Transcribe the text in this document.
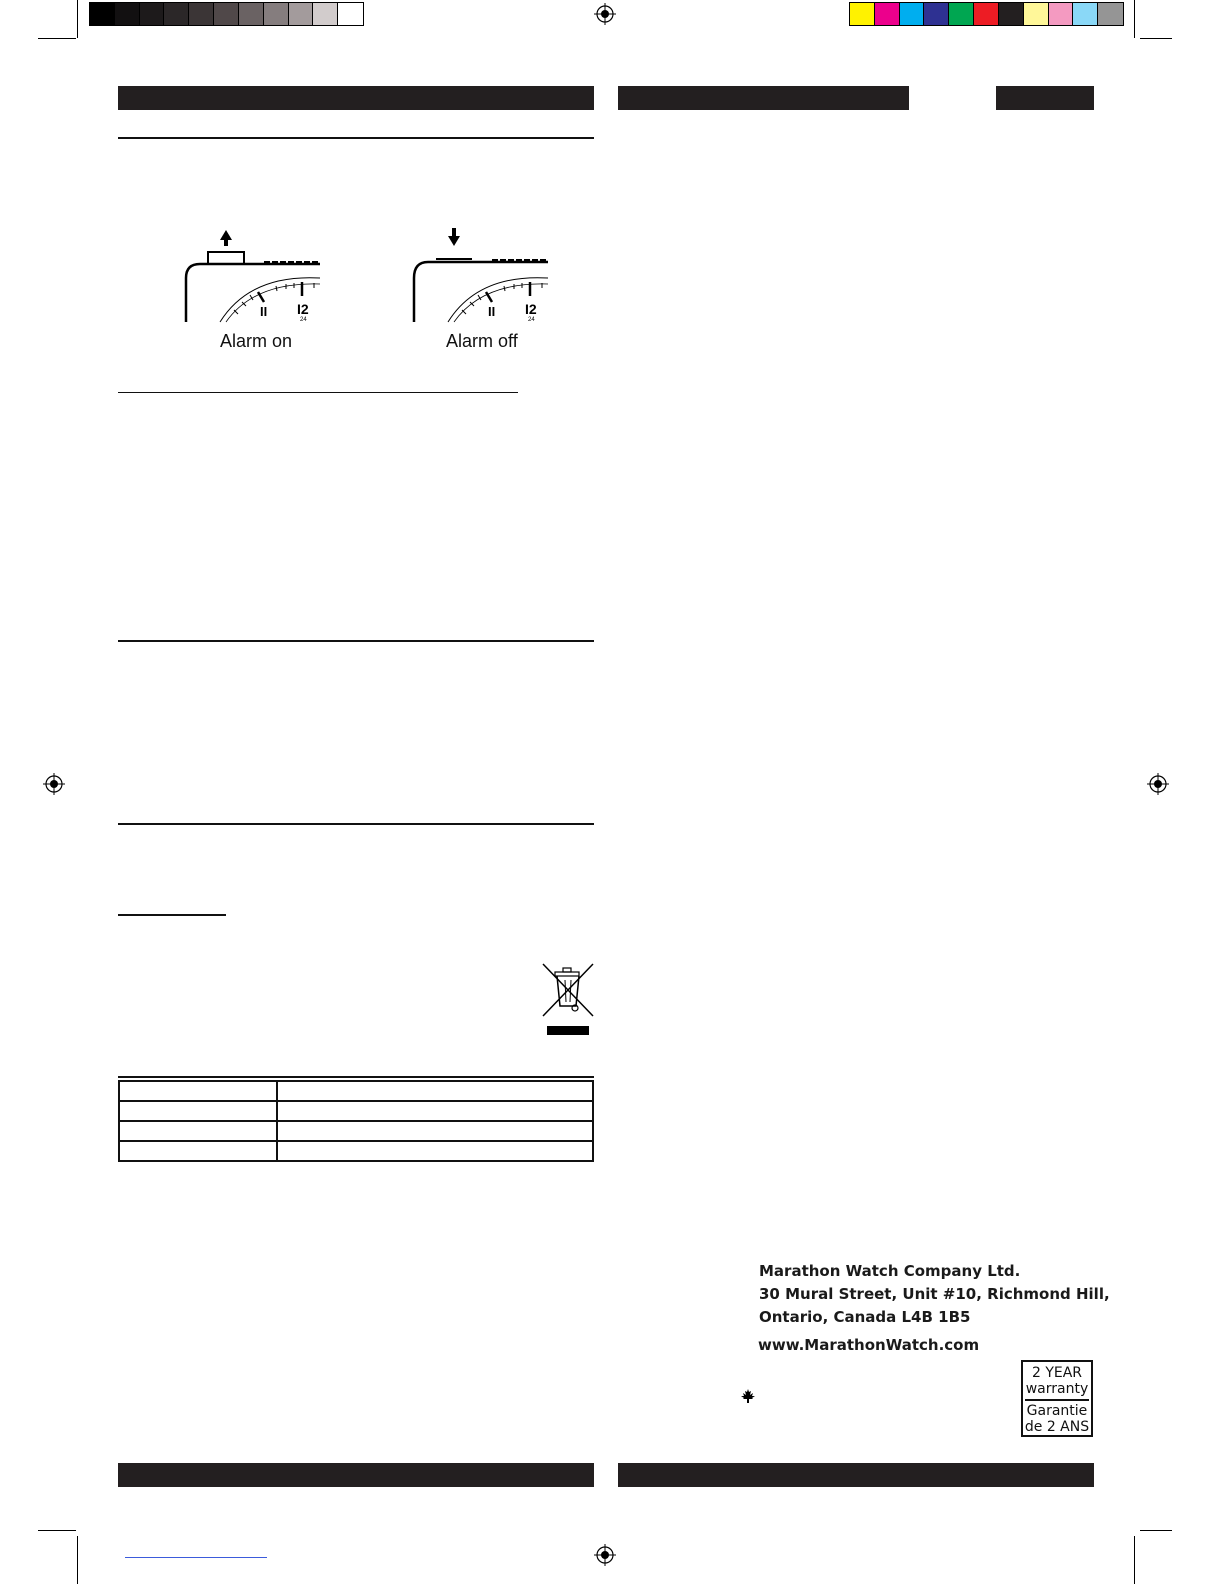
I2
24
II
Alarm on
I2
24
II
Alarm off

Marathon Watch Company Ltd.
30 Mural Street, Unit #10, Richmond Hill,
Ontario, Canada L4B 1B5
www.MarathonWatch.com
2 YEAR
warranty
Garantie
de 2 ANS
